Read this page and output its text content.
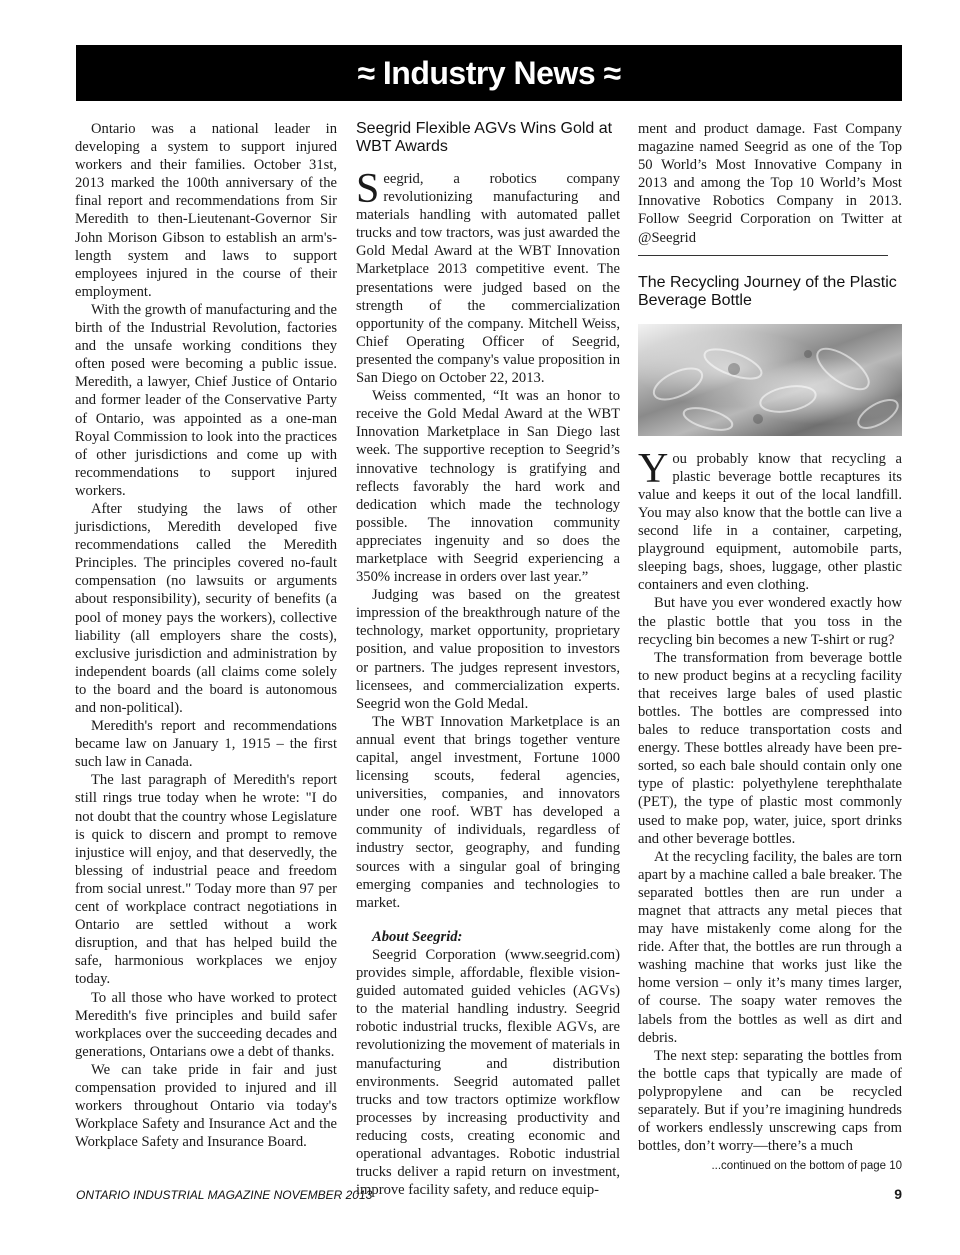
≈ Industry News ≈

Ontario was a national leader in developing a system to support injured workers and their families. October 31st, 2013 marked the 100th anniversary of the final report and recommendations from Sir Meredith to then-Lieutenant-Governor Sir John Morison Gibson to establish an arm's-length system and laws to support employees injured in the course of their employment.

With the growth of manufacturing and the birth of the Industrial Revolution, factories and the unsafe working conditions they often posed were becoming a public issue. Meredith, a lawyer, Chief Justice of Ontario and former leader of the Conservative Party of Ontario, was appointed as a one-man Royal Commission to look into the practices of other jurisdictions and come up with recommendations to support injured workers.

After studying the laws of other jurisdictions, Meredith developed five recommendations called the Meredith Principles. The principles covered no-fault compensation (no lawsuits or arguments about responsibility), security of benefits (a pool of money pays the workers), collective liability (all employers share the costs), exclusive jurisdiction and administration by independent boards (all claims come solely to the board and the board is autonomous and non-political).

Meredith's report and recommendations became law on January 1, 1915 – the first such law in Canada.

The last paragraph of Meredith's report still rings true today when he wrote: "I do not doubt that the country whose Legislature is quick to discern and prompt to remove injustice will enjoy, and that deservedly, the blessing of industrial peace and freedom from social unrest." Today more than 97 per cent of workplace contract negotiations in Ontario are settled without a work disruption, and that has helped build the safe, harmonious workplaces we enjoy today.

To all those who have worked to protect Meredith's five principles and build safer workplaces over the succeeding decades and generations, Ontarians owe a debt of thanks.

We can take pride in fair and just compensation provided to injured and ill workers throughout Ontario via today's Workplace Safety and Insurance Act and the Workplace Safety and Insurance Board.

Seegrid Flexible AGVs Wins Gold at WBT Awards

Seegrid, a robotics company revolutionizing manufacturing and materials handling with automated pallet trucks and tow tractors, was just awarded the Gold Medal Award at the WBT Innovation Marketplace 2013 competitive event. The presentations were judged based on the strength of the commercialization opportunity of the company. Mitchell Weiss, Chief Operating Officer of Seegrid, presented the company's value proposition in San Diego on October 22, 2013.

Weiss commented, “It was an honor to receive the Gold Medal Award at the WBT Innovation Marketplace in San Diego last week. The supportive reception to Seegrid’s innovative technology is gratifying and reflects favorably the hard work and dedication which made the technology possible. The innovation community appreciates ingenuity and so does the marketplace with Seegrid experiencing a 350% increase in orders over last year.”

Judging was based on the greatest impression of the breakthrough nature of the technology, market opportunity, proprietary position, and value proposition to investors or partners. The judges represent investors, licensees, and commercialization experts. Seegrid won the Gold Medal.

The WBT Innovation Marketplace is an annual event that brings together venture capital, angel investment, Fortune 1000 licensing scouts, federal agencies, universities, companies, and innovators under one roof. WBT has developed a community of individuals, regardless of industry sector, geography, and funding sources with a singular goal of bringing emerging companies and technologies to market.

About Seegrid:

Seegrid Corporation (www.seegrid.com) provides simple, affordable, flexible vision-guided automated guided vehicles (AGVs) to the material handling industry. Seegrid robotic industrial trucks, flexible AGVs, are revolutionizing the movement of materials in manufacturing and distribution environments. Seegrid automated pallet trucks and tow tractors optimize workflow processes by increasing productivity and reducing costs, creating economic and operational advantages. Robotic industrial trucks deliver a rapid return on investment, improve facility safety, and reduce equip-

ment and product damage. Fast Company magazine named Seegrid as one of the Top 50 World’s Most Innovative Company in 2013 and among the Top 10 World’s Most Innovative Robotics Company in 2013. Follow Seegrid Corporation on Twitter at @Seegrid

The Recycling Journey of the Plastic Beverage Bottle

You probably know that recycling a plastic beverage bottle recaptures its value and keeps it out of the local landfill. You may also know that the bottle can live a second life in a container, carpeting, playground equipment, automobile parts, sleeping bags, shoes, luggage, other plastic containers and even clothing.

But have you ever wondered exactly how the plastic bottle that you toss in the recycling bin becomes a new T-shirt or rug?

The transformation from beverage bottle to new product begins at a recycling facility that receives large bales of used plastic bottles. The bottles are compressed into bales to reduce transportation costs and energy. These bottles already have been pre-sorted, so each bale should contain only one type of plastic: polyethylene terephthalate (PET), the type of plastic most commonly used to make pop, water, juice, sport drinks and other beverage bottles.

At the recycling facility, the bales are torn apart by a machine called a bale breaker. The separated bottles then are run under a magnet that attracts any metal pieces that may have mistakenly come along for the ride. After that, the bottles are run through a washing machine that works just like the home version – only it’s many times larger, of course. The soapy water removes the labels from the bottles as well as dirt and debris.

The next step: separating the bottles from the bottle caps that typically are made of polypropylene and can be recycled separately. But if you’re imagining hundreds of workers endlessly unscrewing caps from bottles, don’t worry—there’s a much

...continued on the bottom of page 10
ONTARIO INDUSTRIAL MAGAZINE NOVEMBER 2013	9
